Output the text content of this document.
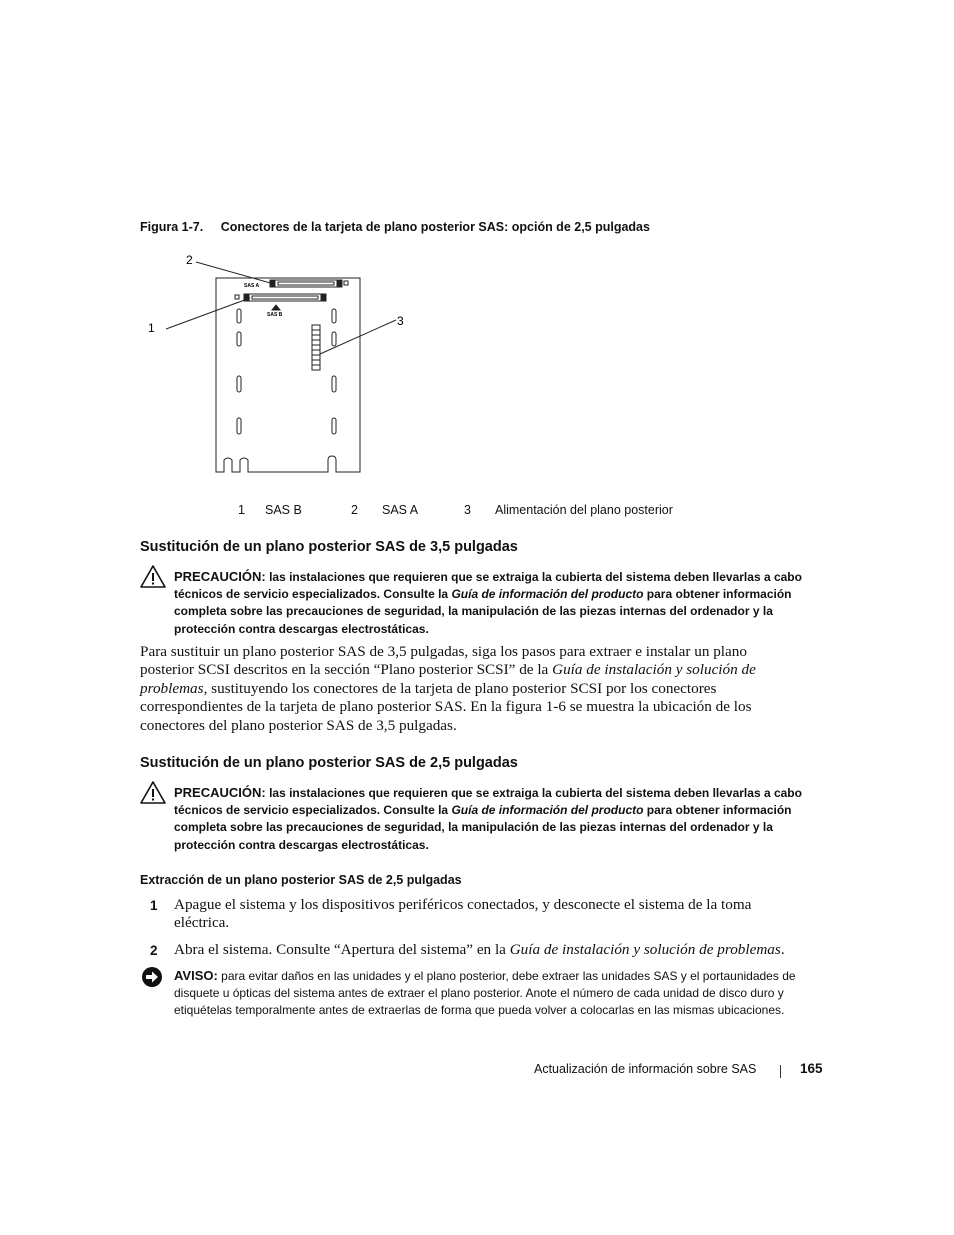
Figura 1-7. Conectores de la tarjeta de plano posterior SAS: opción de 2,5 pulgadas
2
1	3
SAS A
SAS B
1 SAS B	2 SAS A	3 Alimentación del plano posterior
Sustitución de un plano posterior SAS de 3,5 pulgadas
PRECAUCIÓN: las instalaciones que requieren que se extraiga la cubierta del sistema deben llevarlas a cabo técnicos de servicio especializados. Consulte la Guía de información del producto para obtener información completa sobre las precauciones de seguridad, la manipulación de las piezas internas del ordenador y la protección contra descargas electrostáticas.
Para sustituir un plano posterior SAS de 3,5 pulgadas, siga los pasos para extraer e instalar un plano posterior SCSI descritos en la sección “Plano posterior SCSI” de la Guía de instalación y solución de problemas, sustituyendo los conectores de la tarjeta de plano posterior SCSI por los conectores correspondientes de la tarjeta de plano posterior SAS. En la figura 1-6 se muestra la ubicación de los conectores del plano posterior SAS de 3,5 pulgadas.
Sustitución de un plano posterior SAS de 2,5 pulgadas
PRECAUCIÓN: las instalaciones que requieren que se extraiga la cubierta del sistema deben llevarlas a cabo técnicos de servicio especializados. Consulte la Guía de información del producto para obtener información completa sobre las precauciones de seguridad, la manipulación de las piezas internas del ordenador y la protección contra descargas electrostáticas.
Extracción de un plano posterior SAS de 2,5 pulgadas
1 Apague el sistema y los dispositivos periféricos conectados, y desconecte el sistema de la toma eléctrica.
2 Abra el sistema. Consulte “Apertura del sistema” en la Guía de instalación y solución de problemas.
AVISO: para evitar daños en las unidades y el plano posterior, debe extraer las unidades SAS y el portaunidades de disquete u ópticas del sistema antes de extraer el plano posterior. Anote el número de cada unidad de disco duro y etiquételas temporalmente antes de extraerlas de forma que pueda volver a colocarlas en las mismas ubicaciones.
Actualización de información sobre SAS	165
